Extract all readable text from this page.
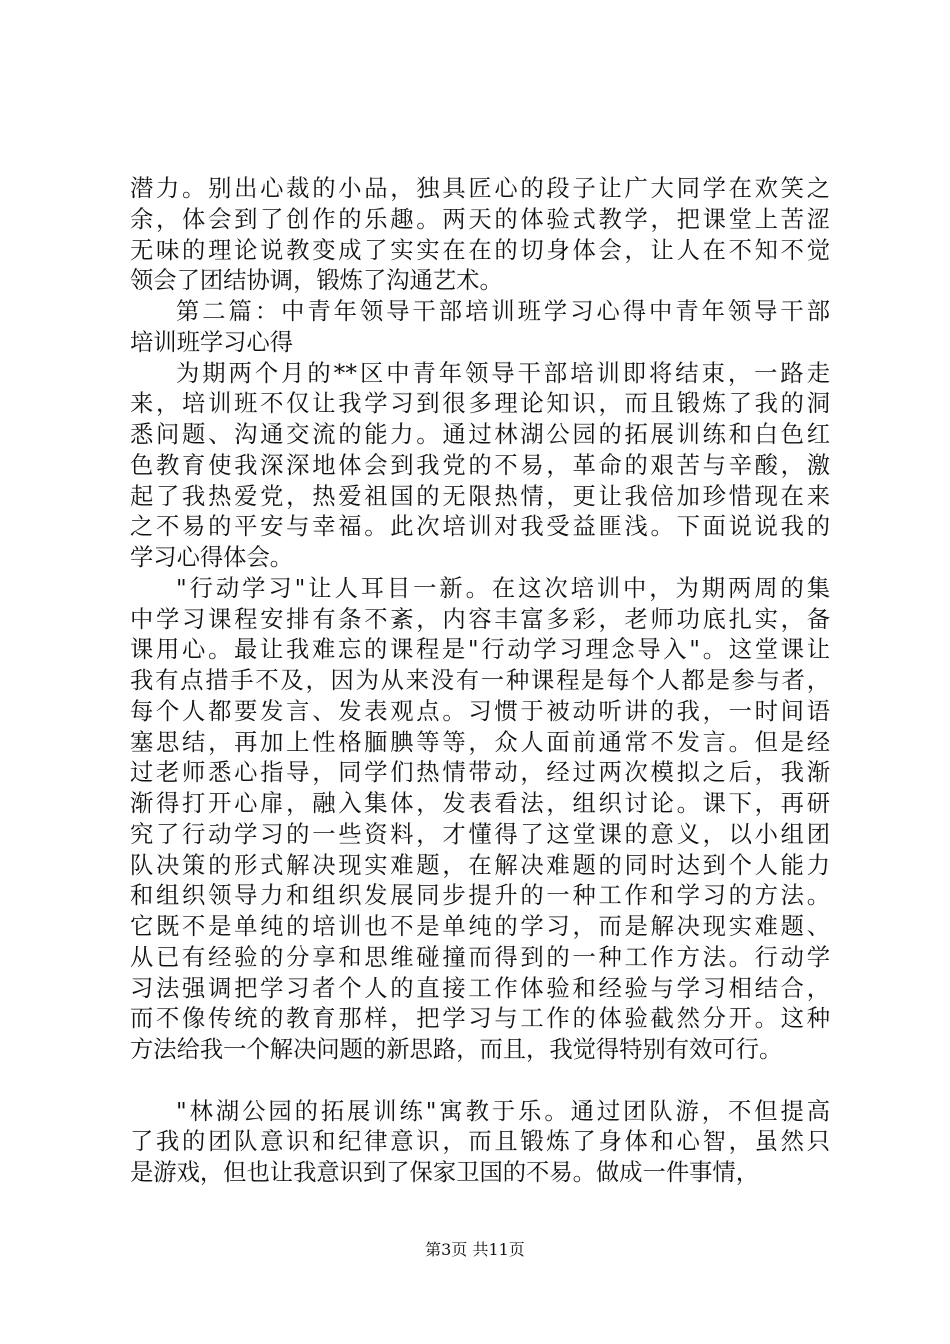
潜力。别出心裁的小品，独具匠心的段子让广大同学在欢笑之
余，体会到了创作的乐趣。两天的体验式教学，把课堂上苦涩
无味的理论说教变成了实实在在的切身体会，让人在不知不觉
领会了团结协调，锻炼了沟通艺术。
第二篇：中青年领导干部培训班学习心得中青年领导干部
培训班学习心得
为期两个月的**区中青年领导干部培训即将结束，一路走
来，培训班不仅让我学习到很多理论知识，而且锻炼了我的洞
悉问题、沟通交流的能力。通过林湖公园的拓展训练和白色红
色教育使我深深地体会到我党的不易，革命的艰苦与辛酸，激
起了我热爱党，热爱祖国的无限热情，更让我倍加珍惜现在来
之不易的平安与幸福。此次培训对我受益匪浅。下面说说我的
学习心得体会。
"行动学习"让人耳目一新。在这次培训中，为期两周的集
中学习课程安排有条不紊，内容丰富多彩，老师功底扎实，备
课用心。最让我难忘的课程是"行动学习理念导入"。这堂课让
我有点措手不及，因为从来没有一种课程是每个人都是参与者，
每个人都要发言、发表观点。习惯于被动听讲的我，一时间语
塞思结，再加上性格腼腆等等，众人面前通常不发言。但是经
过老师悉心指导，同学们热情带动，经过两次模拟之后，我渐
渐得打开心扉，融入集体，发表看法，组织讨论。课下，再研
究了行动学习的一些资料，才懂得了这堂课的意义，以小组团
队决策的形式解决现实难题，在解决难题的同时达到个人能力
和组织领导力和组织发展同步提升的一种工作和学习的方法。
它既不是单纯的培训也不是单纯的学习，而是解决现实难题、
从已有经验的分享和思维碰撞而得到的一种工作方法。行动学
习法强调把学习者个人的直接工作体验和经验与学习相结合，
而不像传统的教育那样，把学习与工作的体验截然分开。这种
方法给我一个解决问题的新思路，而且，我觉得特别有效可行。
"林湖公园的拓展训练"寓教于乐。通过团队游，不但提高
了我的团队意识和纪律意识，而且锻炼了身体和心智，虽然只
是游戏，但也让我意识到了保家卫国的不易。做成一件事情，
第3页 共11页
